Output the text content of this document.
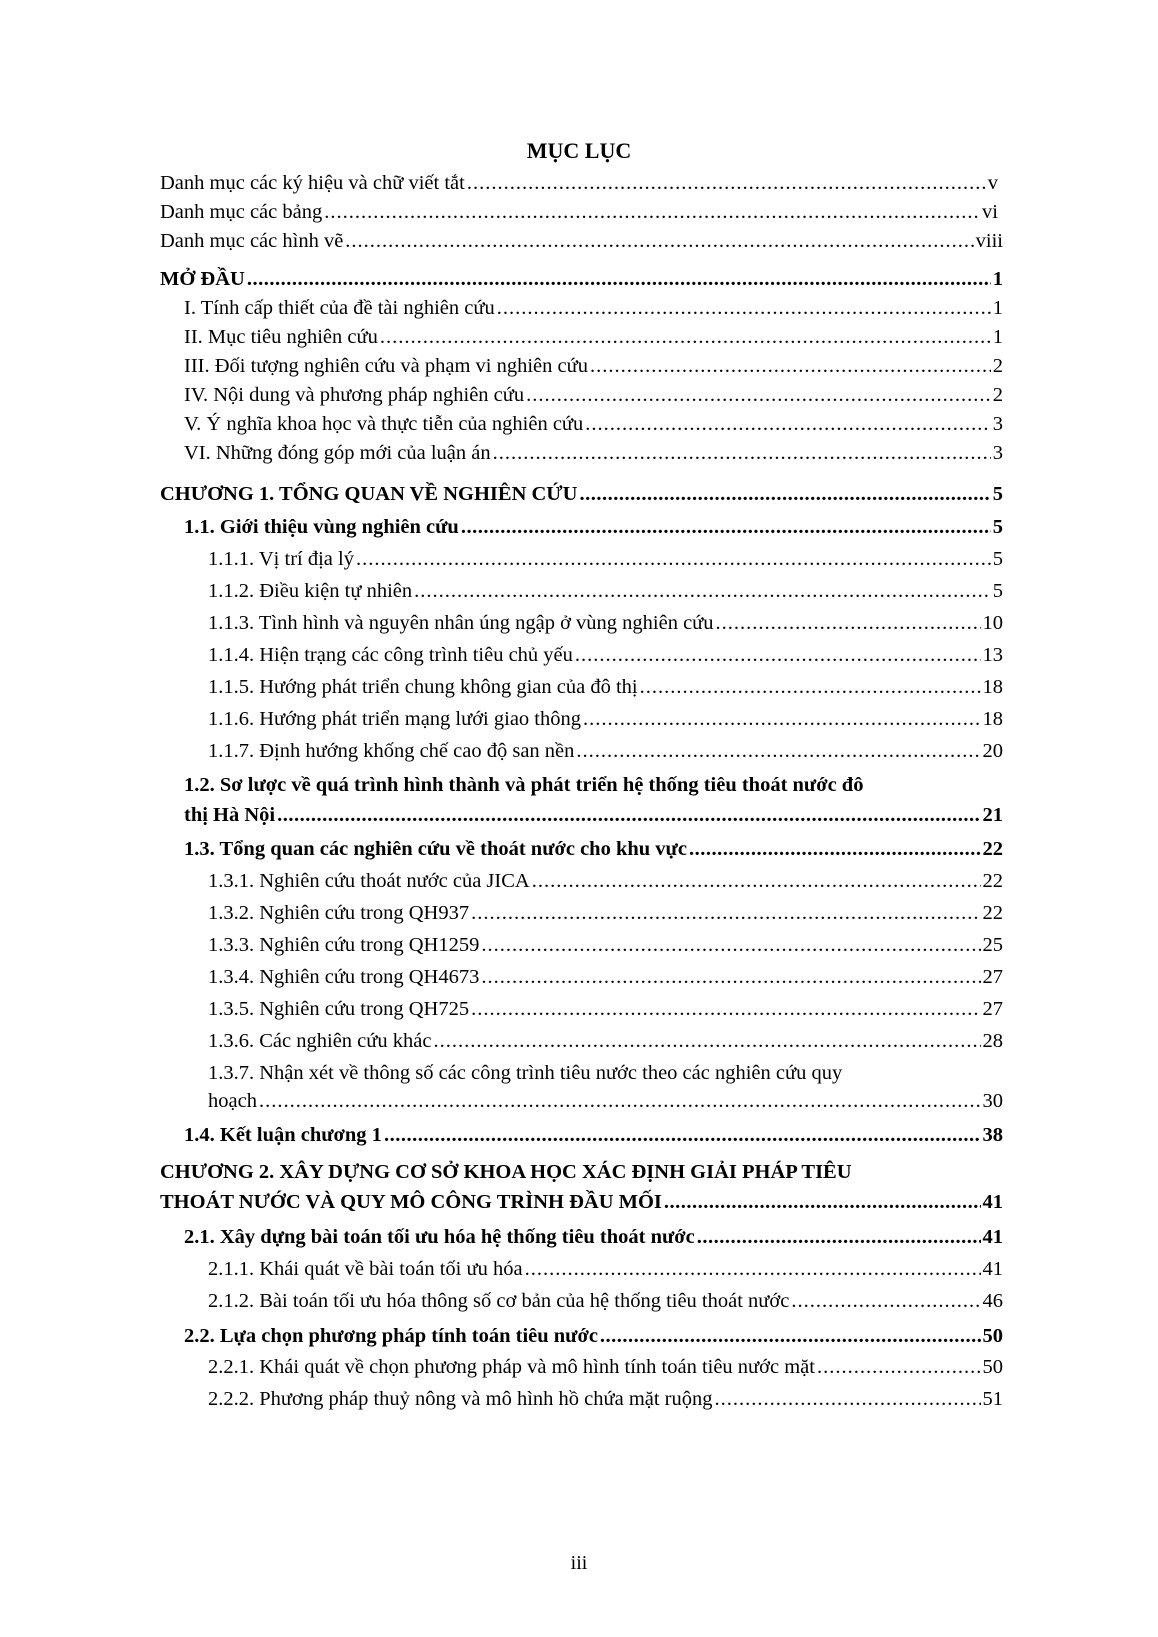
MỤC LỤC
Danh mục các ký hiệu và chữ viết tắt .....	v
Danh mục các bảng .....	vi
Danh mục các hình vẽ .....	viii
MỞ ĐẦU .....	1
I. Tính cấp thiết của đề tài nghiên cứu .....	1
II. Mục tiêu nghiên cứu .....	1
III. Đối tượng nghiên cứu và phạm vi nghiên cứu .....	2
IV. Nội dung và phương pháp nghiên cứu .....	2
V. Ý nghĩa khoa học và thực tiễn của nghiên cứu .....	3
VI. Những đóng góp mới của luận án .....	3
CHƯƠNG 1. TỔNG QUAN VỀ NGHIÊN CỨU .....	5
1.1. Giới thiệu vùng nghiên cứu .....	5
1.1.1. Vị trí địa lý .....	5
1.1.2. Điều kiện tự nhiên .....	5
1.1.3. Tình hình và nguyên nhân úng ngập ở vùng nghiên cứu .....	10
1.1.4. Hiện trạng các công trình tiêu chủ yếu .....	13
1.1.5. Hướng phát triển chung không gian của đô thị .....	18
1.1.6. Hướng phát triển mạng lưới giao thông .....	18
1.1.7. Định hướng khống chế cao độ san nền .....	20
1.2. Sơ lược về quá trình hình thành và phát triển hệ thống tiêu thoát nước đô
thị Hà Nội .....	21
1.3. Tổng quan các nghiên cứu về thoát nước cho khu vực .....	22
1.3.1. Nghiên cứu thoát nước của JICA .....	22
1.3.2. Nghiên cứu trong QH937 .....	22
1.3.3. Nghiên cứu trong QH1259 .....	25
1.3.4. Nghiên cứu trong QH4673 .....	27
1.3.5. Nghiên cứu trong QH725 .....	27
1.3.6. Các nghiên cứu khác .....	28
1.3.7. Nhận xét về thông số các công trình tiêu nước theo các nghiên cứu quy
hoạch .....	30
1.4. Kết luận chương 1 .....	38
CHƯƠNG 2. XÂY DỰNG CƠ SỞ KHOA HỌC XÁC ĐỊNH GIẢI PHÁP TIÊU
THOÁT NƯỚC VÀ QUY MÔ CÔNG TRÌNH ĐẦU MỐI .....	41
2.1. Xây dựng bài toán tối ưu hóa hệ thống tiêu thoát nước .....	41
2.1.1. Khái quát về bài toán tối ưu hóa .....	41
2.1.2. Bài toán tối ưu hóa thông số cơ bản của hệ thống tiêu thoát nước .....	46
2.2. Lựa chọn phương pháp tính toán tiêu nước .....	50
2.2.1. Khái quát về chọn phương pháp và mô hình tính toán tiêu nước mặt .....	50
2.2.2. Phương pháp thuỷ nông và mô hình hồ chứa mặt ruộng .....	51
iii
